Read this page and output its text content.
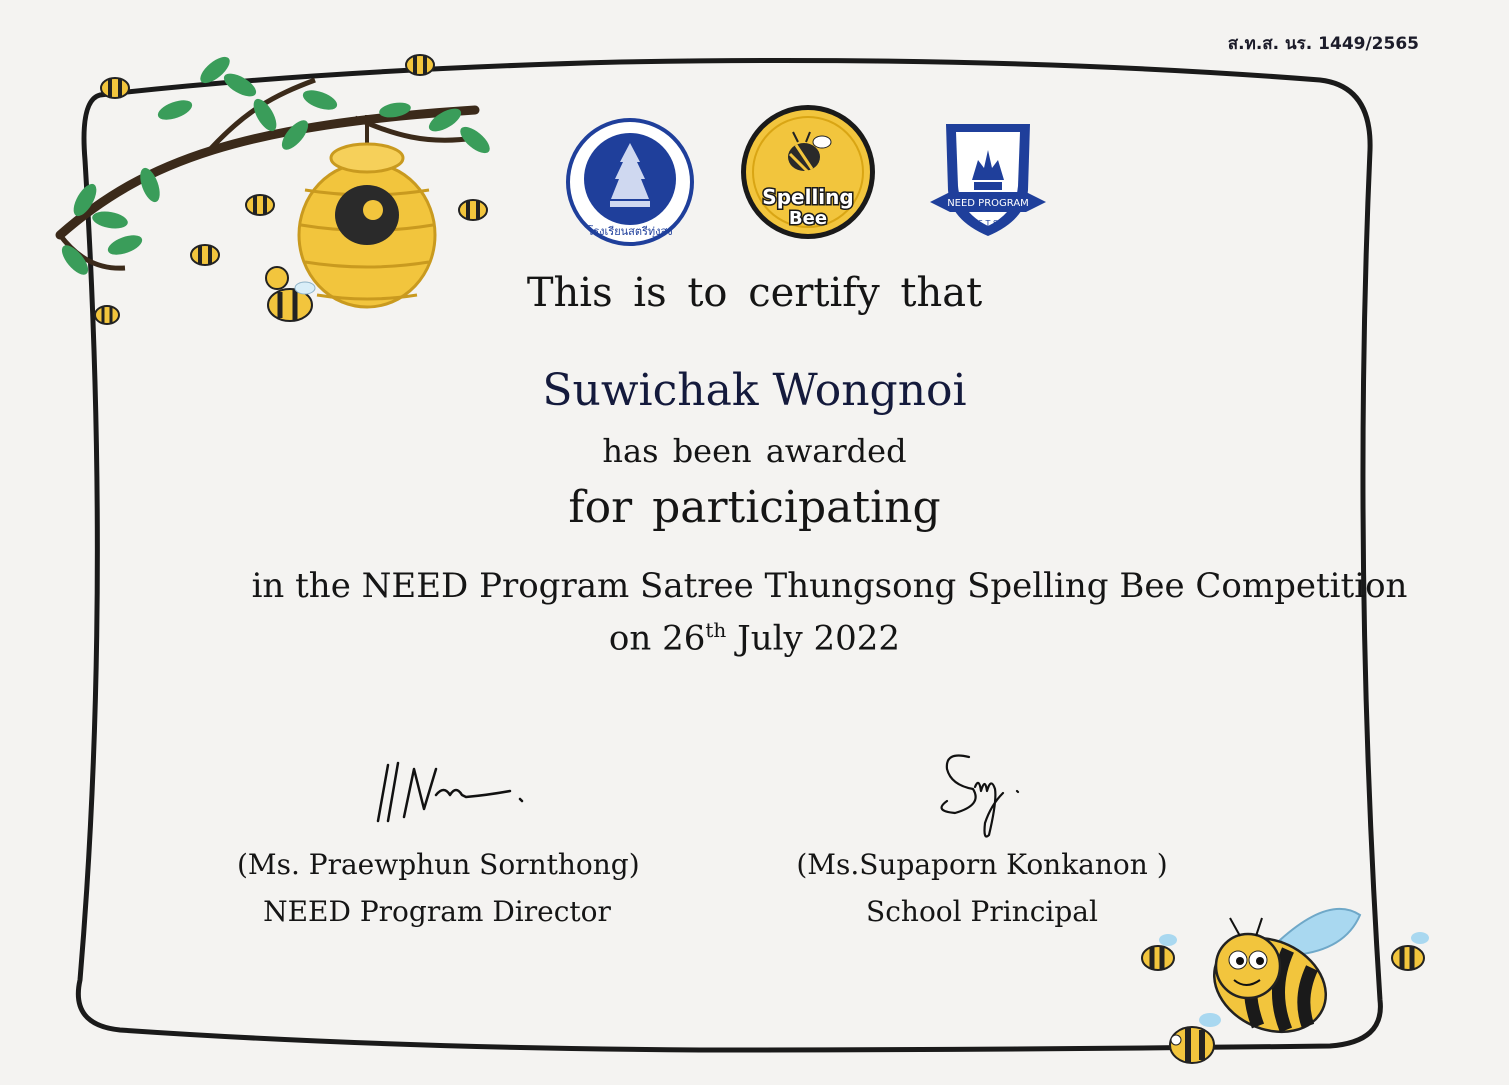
ส.ท.ส. นร. 1449/2565
โรงเรียนสตรีทุ่งสง
Spelling
Bee
NEED PROGRAM
S T S
This is to certify that
Suwichak Wongnoi
has been awarded
for participating
in the NEED Program Satree Thungsong Spelling Bee Competition
on 26th July 2022
(Ms. Praewphun Sornthong)
NEED Program Director
(Ms.Supaporn Konkanon )
School Principal
